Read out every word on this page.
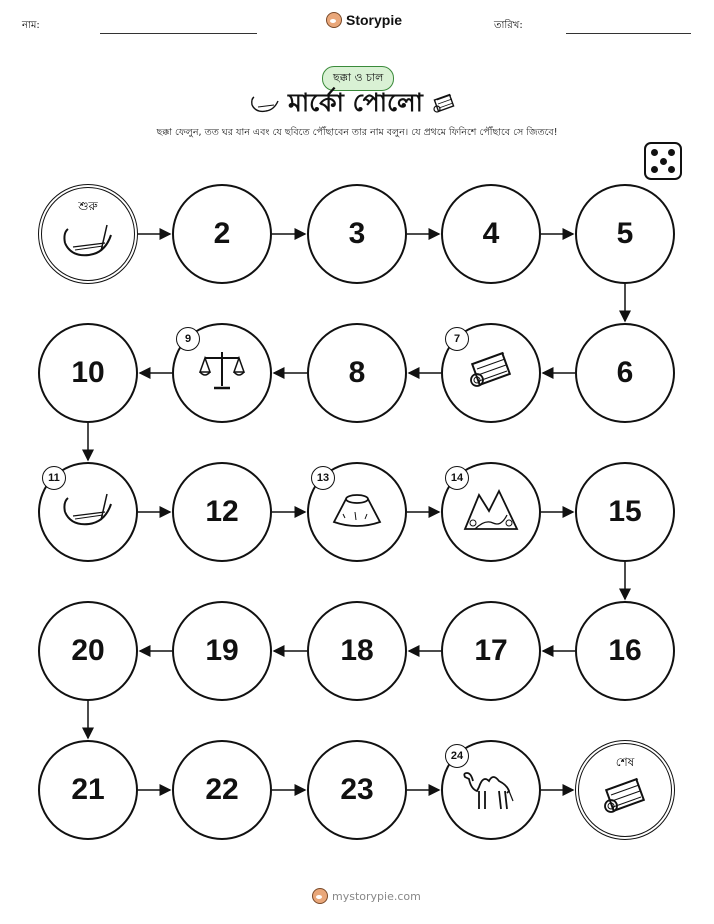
নাম:	Storypie	তারিখ:
ছক্কা ও চাল
মার্কো পোলো
ছক্কা ফেলুন, তত ঘর যান এবং যে ছবিতে পৌঁছাবেন তার নাম বলুন। যে প্রথমে ফিনিশে পৌঁছাবে সে জিতবে!
শুরু
2	3	4	5
6
7
8
9
10
11
12
13	14
15
16
17
18
19
20
21	22	23
24	শেষ
mystorypie.com
